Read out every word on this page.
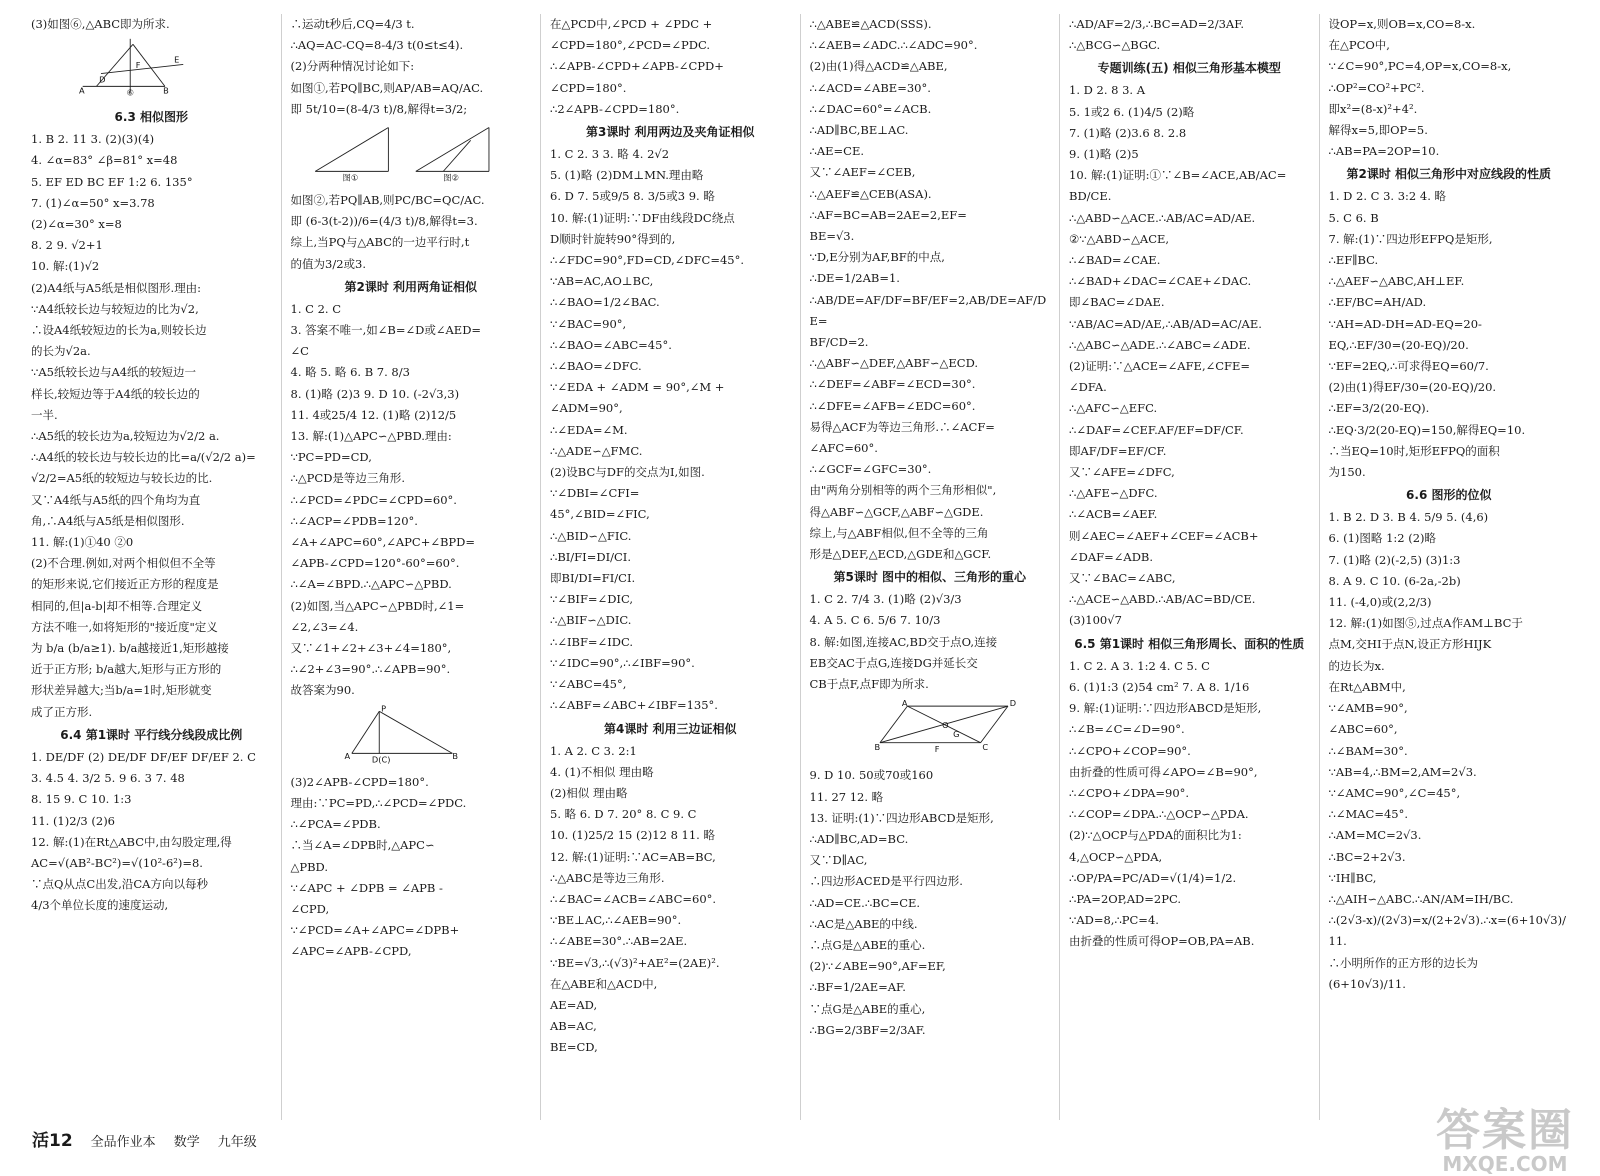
(3)如图⑥,△ABC即为所求.
A
D
F
B
E
⑥
6.3 相似图形
1. B 2. 11 3. (2)(3)(4)
4. ∠α=83° ∠β=81° x=48
5. EF ED BC EF 1:2 6. 135°
7. (1)∠α=50° x=3.78
(2)∠α=30° x=8
8. 2 9. √2+1
10. 解:(1)√2
(2)A4纸与A5纸是相似图形.理由:
∵A4纸较长边与较短边的比为√2,
∴设A4纸较短边的长为a,则较长边
的长为√2a.
∵A5纸较长边与A4纸的较短边一
样长,较短边等于A4纸的较长边的
一半.
∴A5纸的较长边为a,较短边为√2/2 a.
∴A4纸的较长边与较长边的比=a/(√2/2 a)=
√2/2=A5纸的较短边与较长边的比.
又∵A4纸与A5纸的四个角均为直
角,∴A4纸与A5纸是相似图形.
11. 解:(1)①40 ②0
(2)不合理.例如,对两个相似但不全等
的矩形来说,它们接近正方形的程度是
相同的,但|a-b|却不相等.合理定义
方法不唯一,如将矩形的"接近度"定义
为 b/a (b/a≥1). b/a越接近1,矩形越接
近于正方形; b/a越大,矩形与正方形的
形状差异越大;当b/a=1时,矩形就变
成了正方形.
6.4 第1课时 平行线分线段成比例
1. DE/DF (2) DE/DF DF/EF DF/EF 2. C
3. 4.5 4. 3/2 5. 9 6. 3 7. 48
8. 15 9. C 10. 1:3
11. (1)2/3 (2)6
12. 解:(1)在Rt△ABC中,由勾股定理,得
AC=√(AB²-BC²)=√(10²-6²)=8.
∵点Q从点C出发,沿CA方向以每秒
4/3个单位长度的速度运动,
∴运动t秒后,CQ=4/3 t.
∴AQ=AC-CQ=8-4/3 t(0≤t≤4).
(2)分两种情况讨论如下:
如图①,若PQ∥BC,则AP/AB=AQ/AC.
即 5t/10=(8-4/3 t)/8,解得t=3/2;
图①	图②
如图②,若PQ∥AB,则PC/BC=QC/AC.
即 (6-3(t-2))/6=(4/3 t)/8,解得t=3.
综上,当PQ与△ABC的一边平行时,t
的值为3/2或3.
第2课时 利用两角证相似
1. C 2. C
3. 答案不唯一,如∠B=∠D或∠AED=
∠C
4. 略 5. 略 6. B 7. 8/3
8. (1)略 (2)3 9. D 10. (-2√3,3)
11. 4或25/4 12. (1)略 (2)12/5
13. 解:(1)△APC∽△PBD.理由:
∵PC=PD=CD,
∴△PCD是等边三角形.
∴∠PCD=∠PDC=∠CPD=60°.
∴∠ACP=∠PDB=120°.
∠A+∠APC=60°,∠APC+∠BPD=
∠APB-∠CPD=120°-60°=60°.
∴∠A=∠BPD.∴△APC∽△PBD.
(2)如图,当△APC∽△PBD时,∠1=
∠2,∠3=∠4.
又∵∠1+∠2+∠3+∠4=180°,
∴∠2+∠3=90°.∴∠APB=90°.
故答案为90.
P
A D(C)	B
(3)2∠APB-∠CPD=180°.
理由:∵PC=PD,∴∠PCD=∠PDC.
∴∠PCA=∠PDB.
∴当∠A=∠DPB时,△APC∽
△PBD.
∵∠APC + ∠DPB = ∠APB -
∠CPD,
∵∠PCD=∠A+∠APC=∠DPB+
∠APC=∠APB-∠CPD,
在△PCD中,∠PCD + ∠PDC +
∠CPD=180°,∠PCD=∠PDC.
∴∠APB-∠CPD+∠APB-∠CPD+
∠CPD=180°.
∴2∠APB-∠CPD=180°.
第3课时 利用两边及夹角证相似
1. C 2. 3 3. 略 4. 2√2
5. (1)略 (2)DM⊥MN.理由略
6. D 7. 5或9/5 8. 3/5或3 9. 略
10. 解:(1)证明:∵DF由线段DC绕点
D顺时针旋转90°得到的,
∴∠FDC=90°,FD=CD,∠DFC=45°.
∵AB=AC,AO⊥BC,
∴∠BAO=1/2∠BAC.
∵∠BAC=90°,
∴∠BAO=∠ABC=45°.
∴∠BAO=∠DFC.
∵∠EDA + ∠ADM = 90°,∠M +
∠ADM=90°,
∴∠EDA=∠M.
∴△ADE∽△FMC.
(2)设BC与DF的交点为I,如图.
∵∠DBI=∠CFI=
45°,∠BID=∠FIC,
∴△BID∽△FIC.
∴BI/FI=DI/CI.
即BI/DI=FI/CI.
∵∠BIF=∠DIC,
∴△BIF∽△DIC.
∴∠IBF=∠IDC.
∵∠IDC=90°,∴∠IBF=90°.
∵∠ABC=45°,
∴∠ABF=∠ABC+∠IBF=135°.
第4课时 利用三边证相似
1. A 2. C 3. 2:1
4. (1)不相似 理由略
(2)相似 理由略
5. 略 6. D 7. 20° 8. C 9. C
10. (1)25/2 15 (2)12 8 11. 略
12. 解:(1)证明:∵AC=AB=BC,
∴△ABC是等边三角形.
∴∠BAC=∠ACB=∠ABC=60°.
∵BE⊥AC,∴∠AEB=90°.
∴∠ABE=30°.∴AB=2AE.
∵BE=√3,∴(√3)²+AE²=(2AE)².
在△ABE和△ACD中,
AE=AD,
AB=AC,
BE=CD,
∴△ABE≌△ACD(SSS).
∴∠AEB=∠ADC.∴∠ADC=90°.
(2)由(1)得△ACD≌△ABE,
∴∠ACD=∠ABE=30°.
∴∠DAC=60°=∠ACB.
∴AD∥BC,BE⊥AC.
∴AE=CE.
又∵∠AEF=∠CEB,
∴△AEF≌△CEB(ASA).
∴AF=BC=AB=2AE=2,EF=
BE=√3.
∵D,E分别为AF,BF的中点,
∴DE=1/2AB=1.
∴AB/DE=AF/DF=BF/EF=2,AB/DE=AF/DE=
BF/CD=2.
∴△ABF∽△DEF,△ABF∽△ECD.
∴∠DEF=∠ABF=∠ECD=30°.
∴∠DFE=∠AFB=∠EDC=60°.
易得△ACF为等边三角形.∴∠ACF=
∠AFC=60°.
∴∠GCF=∠GFC=30°.
由"两角分别相等的两个三角形相似",
得△ABF∽△GCF,△ABF∽△GDE.
综上,与△ABF相似,但不全等的三角
形是△DEF,△ECD,△GDE和△GCF.
第5课时 图中的相似、三角形的重心
1. C 2. 7/4 3. (1)略 (2)√3/3
4. A 5. C 6. 5/6 7. 10/3
8. 解:如图,连接AC,BD交于点O,连接
EB交AC于点G,连接DG并延长交
CB于点F,点F即为所求.
A	D
O
G
B	F	C
9. D 10. 50或70或160
11. 27 12. 略
13. 证明:(1)∵四边形ABCD是矩形,
∴AD∥BC,AD=BC.
又∵D∥AC,
∴四边形ACED是平行四边形.
∴AD=CE.∴BC=CE.
∴AC是△ABE的中线.
∴点G是△ABE的重心.
(2)∵∠ABE=90°,AF=EF,
∴BF=1/2AE=AF.
∵点G是△ABE的重心,
∴BG=2/3BF=2/3AF.
∴AD/AF=2/3,∴BC=AD=2/3AF.
∴△BCG∽△BGC.
专题训练(五) 相似三角形基本模型
1. D 2. 8 3. A
5. 1或2 6. (1)4/5 (2)略
7. (1)略 (2)3.6 8. 2.8
9. (1)略 (2)5
10. 解:(1)证明:①∵∠B=∠ACE,AB/AC=
BD/CE.
∴△ABD∽△ACE.∴AB/AC=AD/AE.
②∵△ABD∽△ACE,
∴∠BAD=∠CAE.
∴∠BAD+∠DAC=∠CAE+∠DAC.
即∠BAC=∠DAE.
∵AB/AC=AD/AE,∴AB/AD=AC/AE.
∴△ABC∽△ADE.∴∠ABC=∠ADE.
(2)证明:∵△ACE=∠AFE,∠CFE=
∠DFA.
∴△AFC∽△EFC.
∴∠DAF=∠CEF.AF/EF=DF/CF.
即AF/DF=EF/CF.
又∵∠AFE=∠DFC,
∴△AFE∽△DFC.
∴∠ACB=∠AEF.
则∠AEC=∠AEF+∠CEF=∠ACB+
∠DAF=∠ADB.
又∵∠BAC=∠ABC,
∴△ACE∽△ABD.∴AB/AC=BD/CE.
(3)100√7
6.5 第1课时 相似三角形周长、面积的性质
1. C 2. A 3. 1:2 4. C 5. C
6. (1)1:3 (2)54 cm² 7. A 8. 1/16
9. 解:(1)证明:∵四边形ABCD是矩形,
∴∠B=∠C=∠D=90°.
∴∠CPO+∠COP=90°.
由折叠的性质可得∠APO=∠B=90°,
∴∠CPO+∠DPA=90°.
∴∠COP=∠DPA.∴△OCP∽△PDA.
(2)∵△OCP与△PDA的面积比为1:
4,△OCP∽△PDA,
∴OP/PA=PC/AD=√(1/4)=1/2.
∴PA=2OP,AD=2PC.
∵AD=8,∴PC=4.
由折叠的性质可得OP=OB,PA=AB.
设OP=x,则OB=x,CO=8-x.
在△PCO中,
∵∠C=90°,PC=4,OP=x,CO=8-x,
∴OP²=CO²+PC².
即x²=(8-x)²+4².
解得x=5,即OP=5.
∴AB=PA=2OP=10.
第2课时 相似三角形中对应线段的性质
1. D 2. C 3. 3:2 4. 略
5. C 6. B
7. 解:(1)∵四边形EFPQ是矩形,
∴EF∥BC.
∴△AEF∽△ABC,AH⊥EF.
∴EF/BC=AH/AD.
∵AH=AD-DH=AD-EQ=20-
EQ,∴EF/30=(20-EQ)/20.
∵EF=2EQ,∴可求得EQ=60/7.
(2)由(1)得EF/30=(20-EQ)/20.
∴EF=3/2(20-EQ).
∴EQ·3/2(20-EQ)=150,解得EQ=10.
∴当EQ=10时,矩形EFPQ的面积
为150.
6.6 图形的位似
1. B 2. D 3. B 4. 5/9 5. (4,6)
6. (1)图略 1:2 (2)略
7. (1)略 (2)(-2,5) (3)1:3
8. A 9. C 10. (6-2a,-2b)
11. (-4,0)或(2,2/3)
12. 解:(1)如图⑤,过点A作AM⊥BC于
点M,交HI于点N,设正方形HIJK
的边长为x.
在Rt△ABM中,
∵∠AMB=90°,
∠ABC=60°,
∴∠BAM=30°.
∵AB=4,∴BM=2,AM=2√3.
∵∠AMC=90°,∠C=45°,
∴∠MAC=45°.
∴AM=MC=2√3.
∴BC=2+2√3.
∵IH∥BC,
∴△AIH∽△ABC.∴AN/AM=IH/BC.
∴(2√3-x)/(2√3)=x/(2+2√3).∴x=(6+10√3)/11.
∴小明所作的正方形的边长为
(6+10√3)/11.
活12 全品作业本 数学 九年级	答案圈
MXQE.COM
